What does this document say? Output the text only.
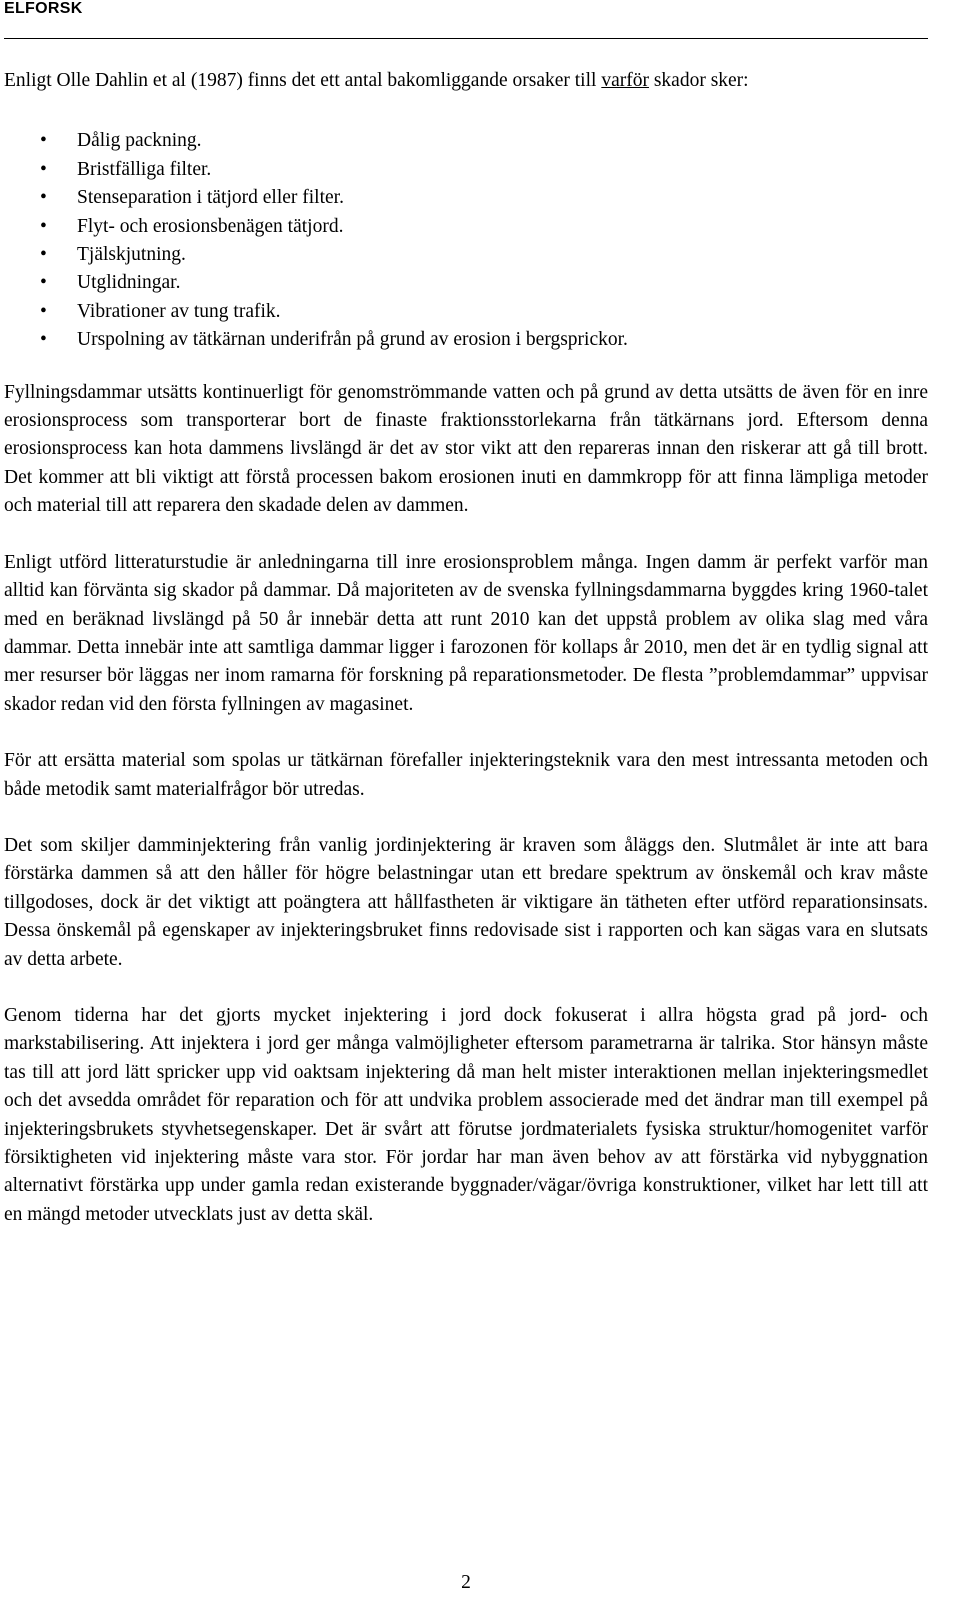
ELFORSK

Enligt Olle Dahlin et al (1987) finns det ett antal bakomliggande orsaker till varför skador sker:

• Dålig packning.
• Bristfälliga filter.
• Stenseparation i tätjord eller filter.
• Flyt- och erosionsbenägen tätjord.
• Tjälskjutning.
• Utglidningar.
• Vibrationer av tung trafik.
• Urspolning av tätkärnan underifrån på grund av erosion i bergsprickor.

Fyllningsdammar utsätts kontinuerligt för genomströmmande vatten och på grund av detta utsätts de även för en inre erosionsprocess som transporterar bort de finaste fraktionsstorlekarna från tätkärnans jord. Eftersom denna erosionsprocess kan hota dammens livslängd är det av stor vikt att den repareras innan den riskerar att gå till brott. Det kommer att bli viktigt att förstå processen bakom erosionen inuti en dammkropp för att finna lämpliga metoder och material till att reparera den skadade delen av dammen.

Enligt utförd litteraturstudie är anledningarna till inre erosionsproblem många. Ingen damm är perfekt varför man alltid kan förvänta sig skador på dammar. Då majoriteten av de svenska fyllningsdammarna byggdes kring 1960-talet med en beräknad livslängd på 50 år innebär detta att runt 2010 kan det uppstå problem av olika slag med våra dammar. Detta innebär inte att samtliga dammar ligger i farozonen för kollaps år 2010, men det är en tydlig signal att mer resurser bör läggas ner inom ramarna för forskning på reparationsmetoder. De flesta ”problemdammar” uppvisar skador redan vid den första fyllningen av magasinet.

För att ersätta material som spolas ur tätkärnan förefaller injekteringsteknik vara den mest intressanta metoden och både metodik samt materialfrågor bör utredas.

Det som skiljer damminjektering från vanlig jordinjektering är kraven som åläggs den. Slutmålet är inte att bara förstärka dammen så att den håller för högre belastningar utan ett bredare spektrum av önskemål och krav måste tillgodoses, dock är det viktigt att poängtera att hållfastheten är viktigare än tätheten efter utförd reparationsinsats. Dessa önskemål på egenskaper av injekteringsbruket finns redovisade sist i rapporten och kan sägas vara en slutsats av detta arbete.

Genom tiderna har det gjorts mycket injektering i jord dock fokuserat i allra högsta grad på jord- och markstabilisering. Att injektera i jord ger många valmöjligheter eftersom parametrarna är talrika. Stor hänsyn måste tas till att jord lätt spricker upp vid oaktsam injektering då man helt mister interaktionen mellan injekteringsmedlet och det avsedda området för reparation och för att undvika problem associerade med det ändrar man till exempel på injekteringsbrukets styvhetsegenskaper. Det är svårt att förutse jordmaterialets fysiska struktur/homogenitet varför försiktigheten vid injektering måste vara stor. För jordar har man även behov av att förstärka vid nybyggnation alternativt förstärka upp under gamla redan existerande byggnader/vägar/övriga konstruktioner, vilket har lett till att en mängd metoder utvecklats just av detta skäl.

2
